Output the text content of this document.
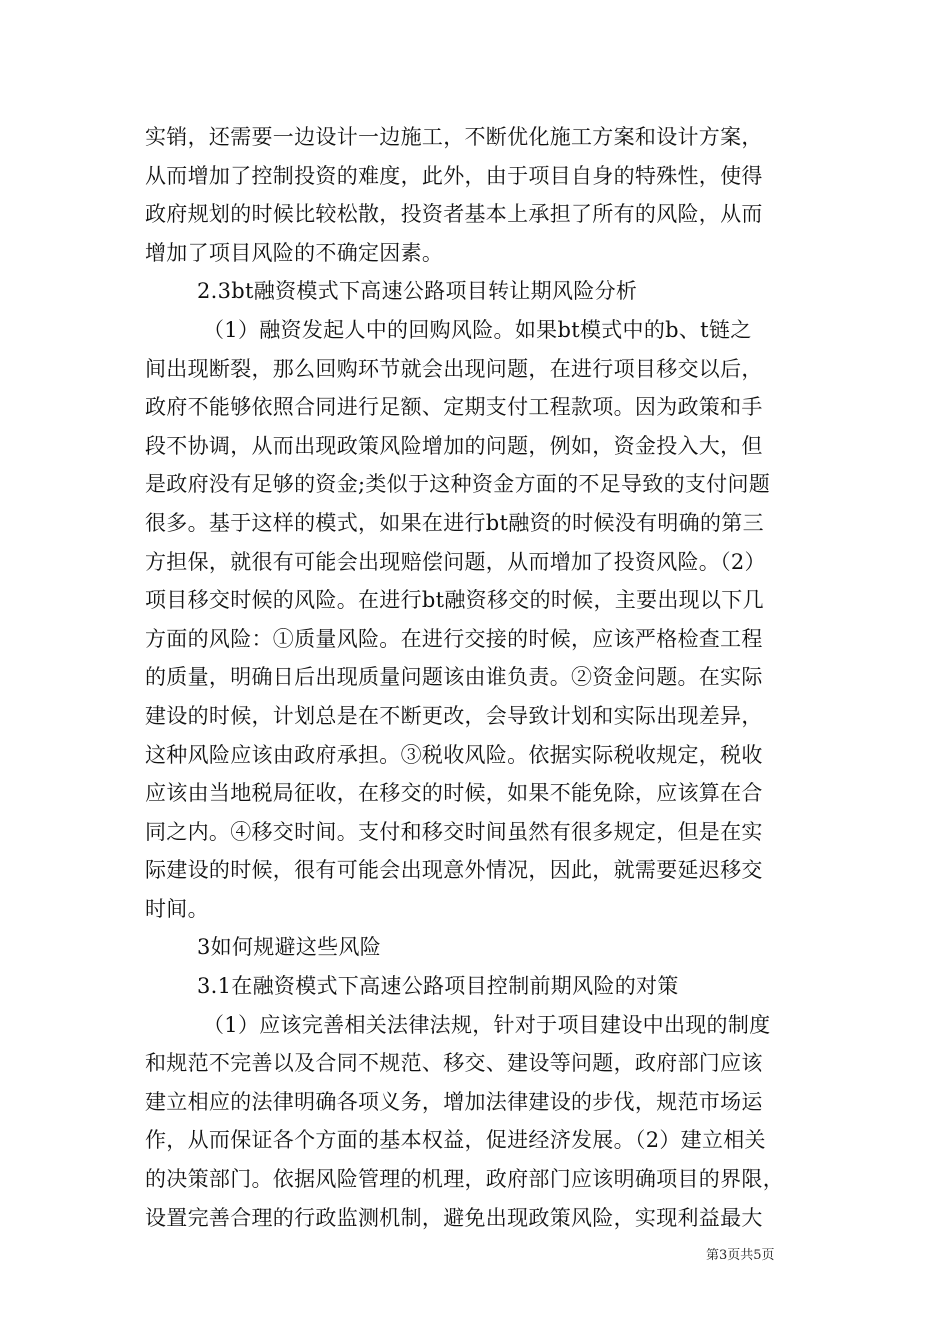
实销，还需要一边设计一边施工，不断优化施工方案和设计方案，
从而增加了控制投资的难度，此外，由于项目自身的特殊性，使得
政府规划的时候比较松散，投资者基本上承担了所有的风险，从而
增加了项目风险的不确定因素。
2.3bt融资模式下高速公路项目转让期风险分析
（1）融资发起人中的回购风险。如果bt模式中的b、t链之
间出现断裂，那么回购环节就会出现问题，在进行项目移交以后，
政府不能够依照合同进行足额、定期支付工程款项。因为政策和手
段不协调，从而出现政策风险增加的问题，例如，资金投入大，但
是政府没有足够的资金;类似于这种资金方面的不足导致的支付问题
很多。基于这样的模式，如果在进行bt融资的时候没有明确的第三
方担保，就很有可能会出现赔偿问题，从而增加了投资风险。（2）
项目移交时候的风险。在进行bt融资移交的时候，主要出现以下几
方面的风险：①质量风险。在进行交接的时候，应该严格检查工程
的质量，明确日后出现质量问题该由谁负责。②资金问题。在实际
建设的时候，计划总是在不断更改，会导致计划和实际出现差异，
这种风险应该由政府承担。③税收风险。依据实际税收规定，税收
应该由当地税局征收，在移交的时候，如果不能免除，应该算在合
同之内。④移交时间。支付和移交时间虽然有很多规定，但是在实
际建设的时候，很有可能会出现意外情况，因此，就需要延迟移交
时间。
3如何规避这些风险
3.1在融资模式下高速公路项目控制前期风险的对策
（1）应该完善相关法律法规，针对于项目建设中出现的制度
和规范不完善以及合同不规范、移交、建设等问题，政府部门应该
建立相应的法律明确各项义务，增加法律建设的步伐，规范市场运
作，从而保证各个方面的基本权益，促进经济发展。（2）建立相关
的决策部门。依据风险管理的机理，政府部门应该明确项目的界限，
设置完善合理的行政监测机制，避免出现政策风险，实现利益最大
第3页共5页
